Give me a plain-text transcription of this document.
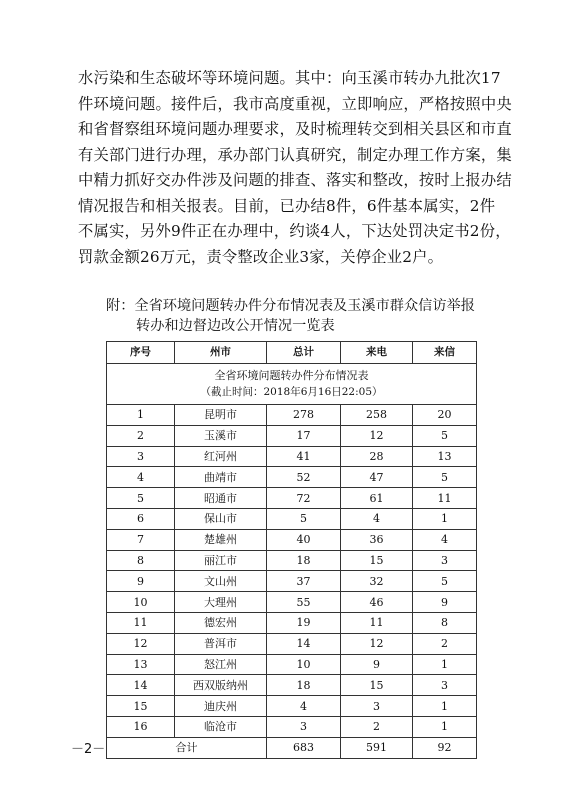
水污染和生态破坏等环境问题。其中：向玉溪市转办九批次17
件环境问题。接件后，我市高度重视，立即响应，严格按照中央
和省督察组环境问题办理要求，及时梳理转交到相关县区和市直
有关部门进行办理，承办部门认真研究，制定办理工作方案，集
中精力抓好交办件涉及问题的排查、落实和整改，按时上报办结
情况报告和相关报表。目前，已办结8件，6件基本属实，2件
不属实，另外9件正在办理中，约谈4人，下达处罚决定书2份，
罚款金额26万元，责令整改企业3家，关停企业2户。
附：全省环境问题转办件分布情况表及玉溪市群众信访举报
转办和边督边改公开情况一览表
全省环境问题转办件分布情况表
（截止时间：2018年6月16日22:05）				

序号	州市	总计	来电	来信
1	昆明市	278	258	20
2	玉溪市	17	12	5
3	红河州	41	28	13
4	曲靖市	52	47	5
5	昭通市	72	61	11
6	保山市	5	4	1
7	楚雄州	40	36	4
8	丽江市	18	15	3
9	文山州	37	32	5
10	大理州	55	46	9
11	德宏州	19	11	8
12	普洱市	14	12	2
13	怒江州	10	9	1
14	西双版纳州	18	15	3
15	迪庆州	4	3	1
16	临沧市	3	2	1
合计		683	591	92
－2－
